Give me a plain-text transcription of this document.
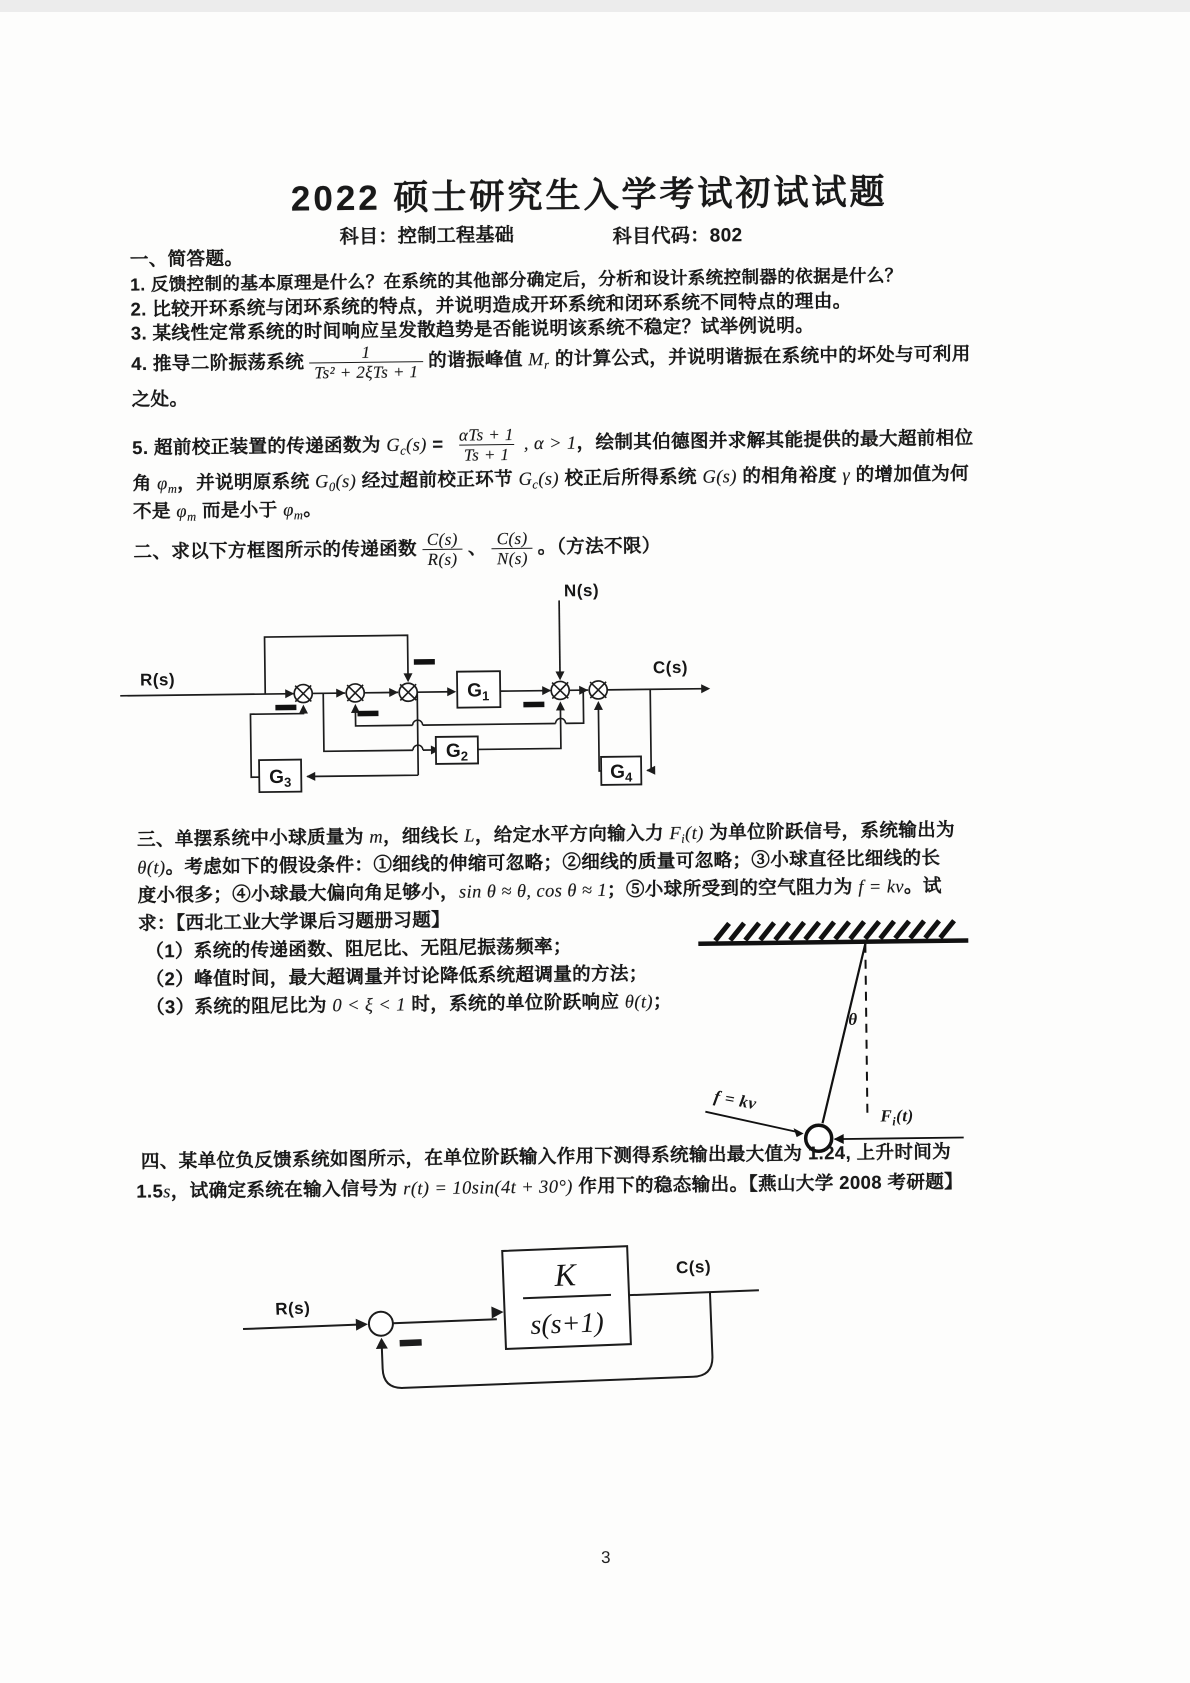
2022 硕士研究生入学考试初试试题
科目：控制工程基础	科目代码：802
一、简答题。
1. 反馈控制的基本原理是什么？在系统的其他部分确定后，分析和设计系统控制器的依据是什么？
2. 比较开环系统与闭环系统的特点，并说明造成开环系统和闭环系统不同特点的理由。
3. 某线性定常系统的时间响应呈发散趋势是否能说明该系统不稳定？试举例说明。
4. 推导二阶振荡系统 $\frac{1}{\text{Ts² + 2ξTs + 1}}$ 的谐振峰值 $M_r$ 的计算公式，并说明谐振在系统中的坏处与可利用
之处。
5. 超前校正装置的传递函数为 $G_c(s) = \frac{\text{αTs + 1}}{Ts + 1}$ , α > 1，绘制其伯德图并求解其能提供的最大超前相位
角 $\varphi_m$，并说明原系统 $G_0(s)$ 经过超前校正环节 $G_c(s)$ 校正后所得系统 G(s) 的相角裕度 γ 的增加值为何
不是 $\varphi_m$ 而是小于 $\varphi_m$。
二、求以下方框图所示的传递函数 $\frac{C(s)}{R(s)}$ 、 $\frac{C(s)}{N(s)}$ 。（方法不限）
$G_1$
$G_2$
$G_3$	$G_4$
R(s)
N(s)
C(s)
三、单摆系统中小球质量为 m，细线长 L，给定水平方向输入力 $F_i(t)$ 为单位阶跃信号，系统输出为
θ(t)。考虑如下的假设条件：①细线的伸缩可忽略；②细线的质量可忽略；③小球直径比细线的长
度小很多；④小球最大偏向角足够小，sin θ ≈ θ, cos θ ≈ 1；⑤小球所受到的空气阻力为 f = kv。试
求：【西北工业大学课后习题册习题】
（1）系统的传递函数、阻尼比、无阻尼振荡频率；
（2）峰值时间，最大超调量并讨论降低系统超调量的方法；
（3）系统的阻尼比为 0 < ξ < 1 时，系统的单位阶跃响应 θ(t)；
θ
f = kv
$F_i(t)$
四、某单位负反馈系统如图所示，在单位阶跃输入作用下测得系统输出最大值为 1.24, 上升时间为
1.5s，试确定系统在输入信号为 r(t) = 10sin(4t + 30°) 作用下的稳态输出。【燕山大学 2008 考研题】
K
s(s+1)
R(s)
C(s)
3
